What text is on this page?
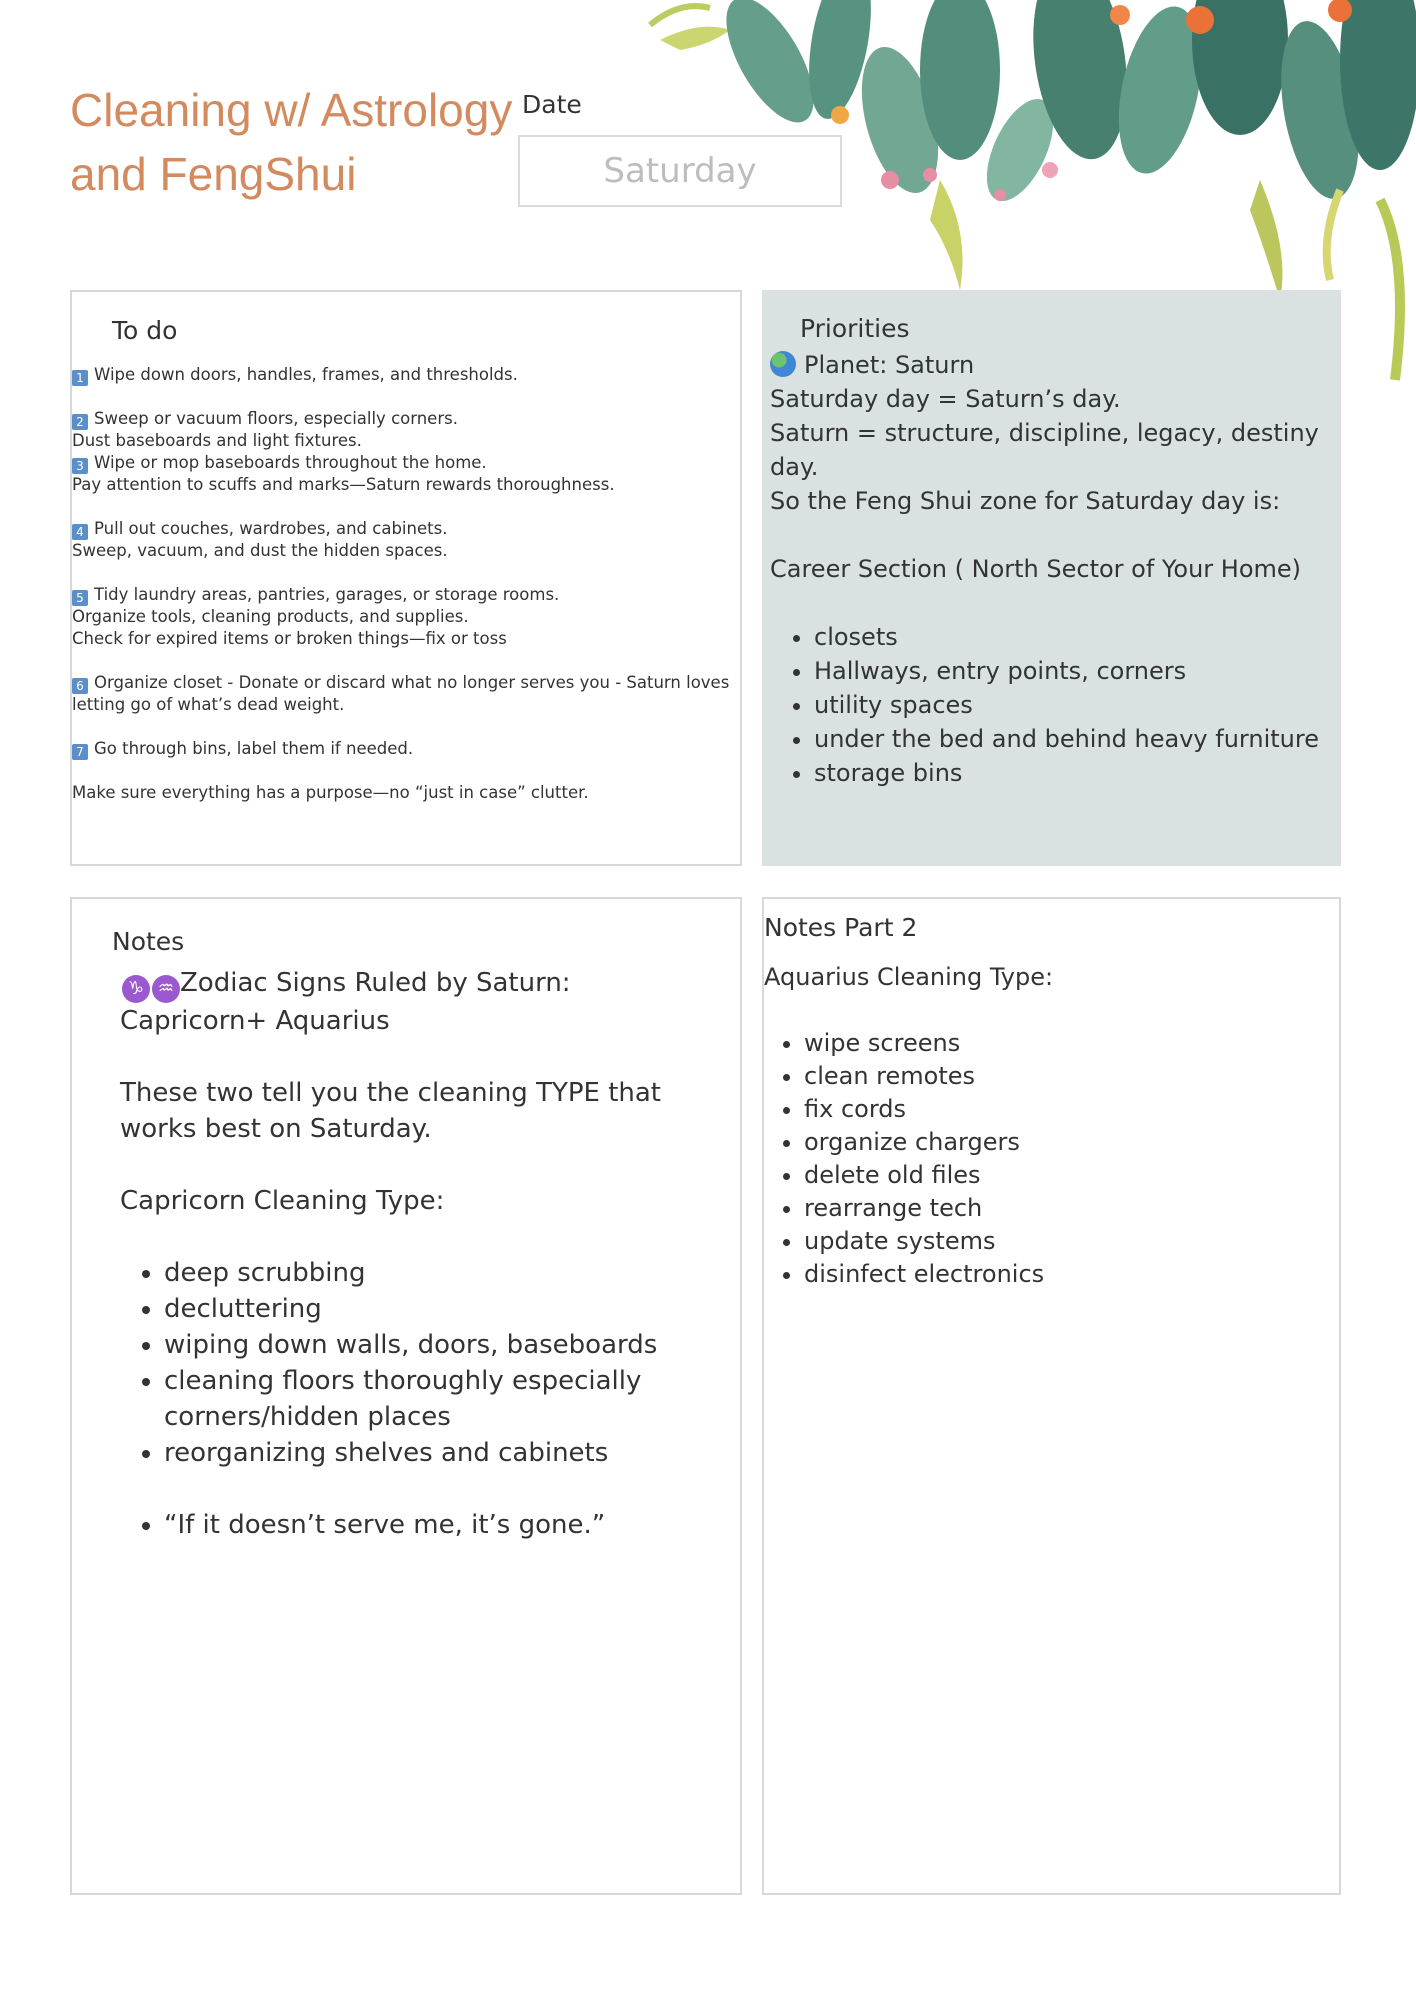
Cleaning w/ Astrology
and FengShui
Date
Saturday
To do

1 Wipe down doors, handles, frames, and thresholds.

2 Sweep or vacuum floors, especially corners.
Dust baseboards and light fixtures.
3 Wipe or mop baseboards throughout the home.
Pay attention to scuffs and marks—Saturn rewards thoroughness.

4 Pull out couches, wardrobes, and cabinets.
Sweep, vacuum, and dust the hidden spaces.

5 Tidy laundry areas, pantries, garages, or storage rooms.
Organize tools, cleaning products, and supplies.
Check for expired items or broken things—fix or toss

6 Organize closet - Donate or discard what no longer serves you - Saturn loves letting go of what’s dead weight.

7 Go through bins, label them if needed.

Make sure everything has a purpose—no “just in case” clutter.

Priorities

Planet: Saturn

Saturday day = Saturn’s day.

Saturn = structure, discipline, legacy, destiny day.

So the Feng Shui zone for Saturday day is:

Career Section ( North Sector of Your Home)

• closets
• Hallways, entry points, corners
• utility spaces
• under the bed and behind heavy furniture
• storage bins
Notes

♑ ♒ Zodiac Signs Ruled by Saturn:

Capricorn+ Aquarius

These two tell you the cleaning TYPE that works best on Saturday.

Capricorn Cleaning Type:

• deep scrubbing
• decluttering
• wiping down walls, doors, baseboards
• cleaning floors thoroughly especially corners/hidden places
• reorganizing shelves and cabinets
• “If it doesn’t serve me, it’s gone.”
Notes Part 2

Aquarius Cleaning Type:

• wipe screens
• clean remotes
• fix cords
• organize chargers
• delete old files
• rearrange tech
• update systems
• disinfect electronics
